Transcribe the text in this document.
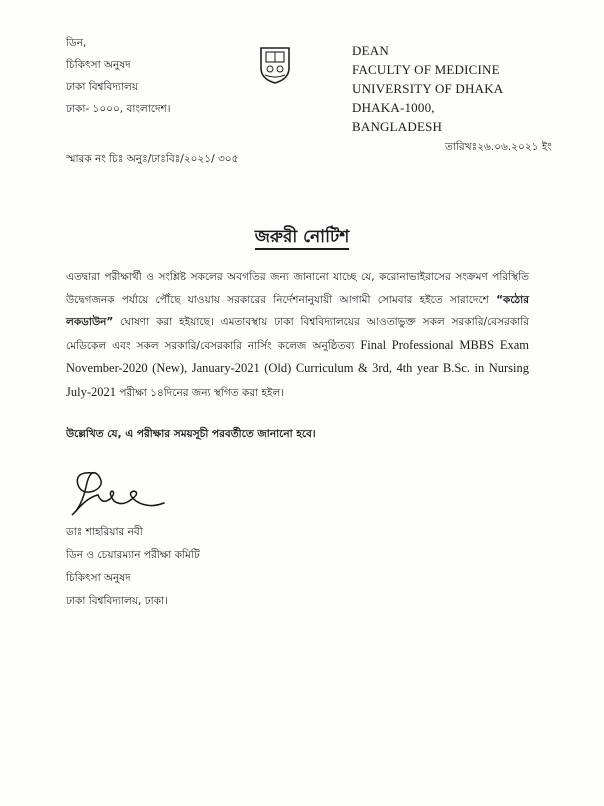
ডিন,
চিকিৎসা অনুষদ
ঢাকা বিশ্ববিদ্যালয়
ঢাকা- ১০০০, বাংলাদেশ।
DEAN
FACULTY OF MEDICINE
UNIVERSITY OF DHAKA
DHAKA-1000,
BANGLADESH
স্মারক নং চিঃ অনুঃ/ঢাঃবিঃ/২০২১/ ৩০৫
তারিখঃ২৬.০৬.২০২১ ইং
জরুরী নোটিশ
এতদ্বারা পরীক্ষার্থী ও সংশ্লিষ্ট সকলের অবগতির জন্য জানানো যাচ্ছে যে, করোনাভাইরাসের সংক্রমণ পরিস্থিতি উদ্বেগজনক পর্যায়ে পৌঁছে যাওয়ায় সরকারের নির্দেশনানুযায়ী আগামী সোমবার হইতে সারাদেশে “কঠোর লকডাউন” ঘোষণা করা হইয়াছে। এমতাবস্থায় ঢাকা বিশ্ববিদ্যালয়ের আওতাভুক্ত সকল সরকারি/বেসরকারি মেডিকেল এবং সকল সরকারি/বেসরকারি নার্সিং কলেজ অনুষ্ঠিতব্য Final Professional MBBS Exam November-2020 (New), January-2021 (Old) Curriculum & 3rd, 4th year B.Sc. in Nursing July-2021 পরীক্ষা ১৪দিনের জন্য স্থগিত করা হইল।
উল্লেখিত যে, এ পরীক্ষার সময়সূচী পরবর্তীতে জানানো হবে।
ডাঃ শাহরিয়ার নবী
ডিন ও চেয়ারম্যান পরীক্ষা কমিটি
চিকিৎসা অনুষদ
ঢাকা বিশ্ববিদ্যালয়, ঢাকা।
